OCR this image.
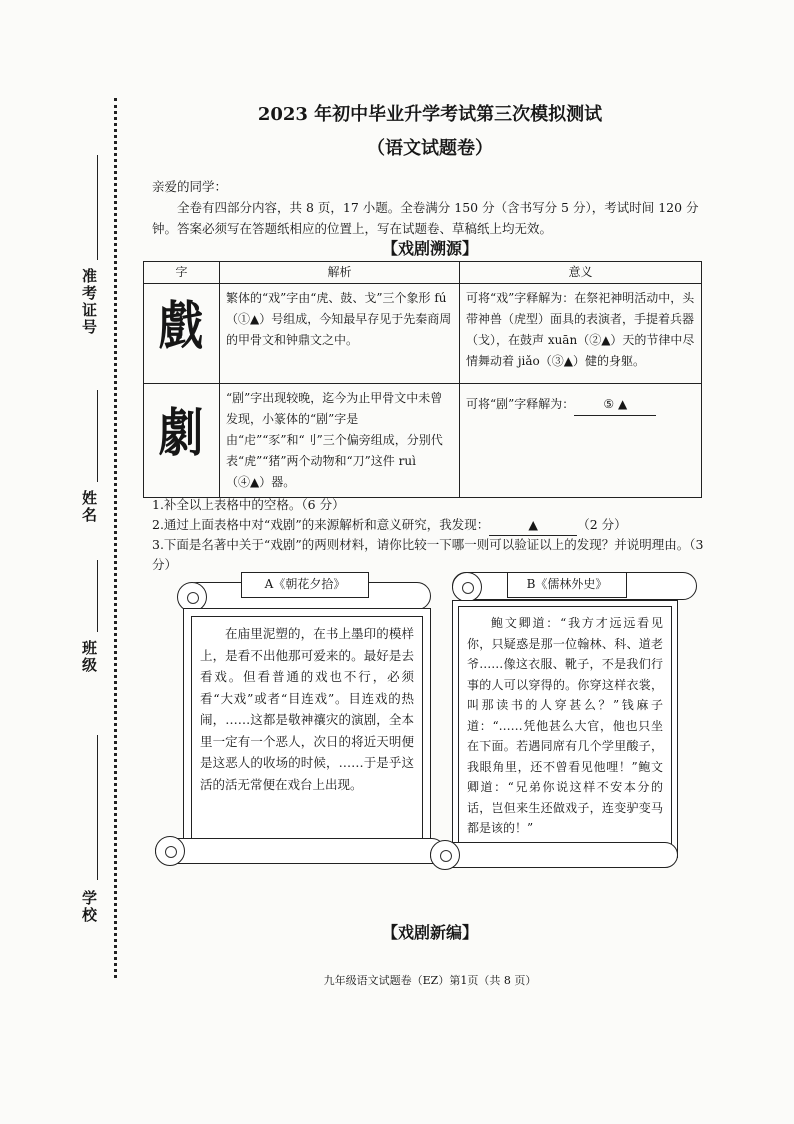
准考证号
姓名
班级
学校
2023 年初中毕业升学考试第三次模拟测试
（语文试题卷）
亲爱的同学：
全卷有四部分内容，共 8 页，17 小题。全卷满分 150 分（含书写分 5 分），考试时间 120 分钟。答案必须写在答题纸相应的位置上，写在试题卷、草稿纸上均无效。
【戏剧溯源】
字	解析	意义
戲	繁体的“戏”字由“虎、鼓、戈”三个象形 fú（①▲）号组成，今知最早存见于先秦商周的甲骨文和钟鼎文之中。	可将“戏”字释解为：在祭祀神明活动中，头带神兽（虎型）面具的表演者，手提着兵器（戈），在鼓声 xuān（②▲）天的节律中尽情舞动着 jiǎo（③▲）健的身躯。
劇	“剧”字出现较晚，迄今为止甲骨文中未曾发现，小篆体的“剧”字是由“虍”“豕”和“刂”三个偏旁组成，分别代表“虎”“猪”两个动物和“刀”这件 ruì（④▲）器。	可将“剧”字释解为： ⑤ ▲
1.补全以上表格中的空格。（6 分）
2.通过上面表格中对“戏剧”的来源解析和意义研究，我发现：	▲	（2 分）
3.下面是名著中关于“戏剧”的两则材料，请你比较一下哪一则可以验证以上的发现？并说明理由。（3 分）
A《朝花夕拾》

在庙里泥塑的，在书上墨印的模样上，是看不出他那可爱来的。最好是去看戏。但看普通的戏也不行，必须看“大戏”或者“目连戏”。目连戏的热闹，……这都是敬神禳灾的演剧，全本里一定有一个恶人，次日的将近天明便是这恶人的收场的时候，……于是乎这活的活无常便在戏台上出现。

B《儒林外史》

鲍文卿道：“我方才远远看见你，只疑惑是那一位翰林、科、道老爷……像这衣服、靴子，不是我们行事的人可以穿得的。你穿这样衣裳，叫那读书的人穿甚么？”钱麻子道：“……凭他甚么大官，他也只坐在下面。若遇同席有几个学里酸子，我眼角里，还不曾看见他哩！”鲍文卿道：“兄弟你说这样不安本分的话，岂但来生还做戏子，连变驴变马都是该的！”

【戏剧新编】
九年级语文试题卷（EZ）第1页（共 8 页）
